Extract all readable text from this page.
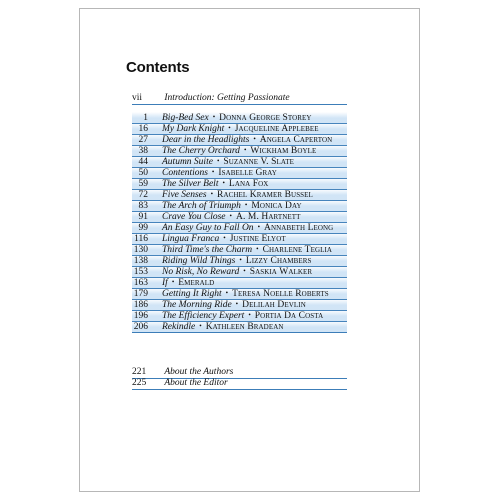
Contents
vii Introduction: Getting Passionate
1 Big-Bed Sex • Donna George Storey
16 My Dark Knight • Jacqueline Applebee
27 Dear in the Headlights • Angela Caperton
38 The Cherry Orchard • Wickham Boyle
44 Autumn Suite • Suzanne V. Slate
50 Contentions • Isabelle Gray
59 The Silver Belt • Lana Fox
72 Five Senses • Rachel Kramer Bussel
83 The Arch of Triumph • Monica Day
91 Crave You Close • A. M. Hartnett
99 An Easy Guy to Fall On • Annabeth Leong
116 Lingua Franca • Justine Elyot
130 Third Time's the Charm • Charlene Teglia
138 Riding Wild Things • Lizzy Chambers
153 No Risk, No Reward • Saskia Walker
163 If • Emerald
179 Getting It Right • Teresa Noelle Roberts
186 The Morning Ride • Delilah Devlin
196 The Efficiency Expert • Portia Da Costa
206 Rekindle • Kathleen Bradean
221 About the Authors
225 About the Editor
